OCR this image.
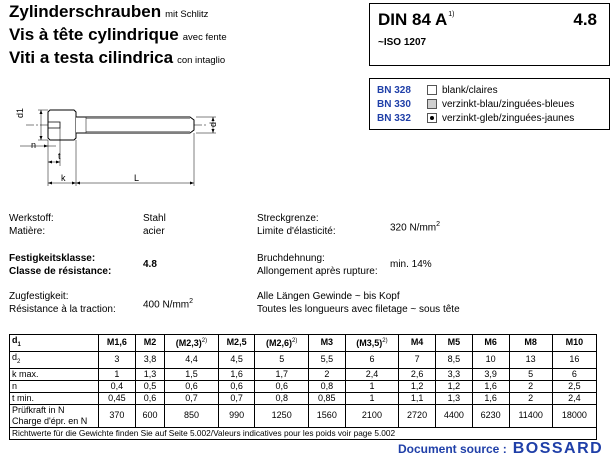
Zylinderschrauben mit Schlitz
Vis à tête cylindrique avec fente
Viti a testa cilindrica con intaglio
DIN 84 $A^{1)}$	4.8
~ISO 1207
BN 328	blank/claires
BN 330	verzinkt-blau/zinguées-bleues
BN 332	verzinkt-gleb/zinguées-jaunes
d1
d
n
t
k	L
Werkstoff:
Matière:
Stahl
acier
Streckgrenze:
Limite d'élasticité:	320 $N/mm^2$
Festigkeitsklasse:
Classe de résistance:
4.8
Bruchdehnung:
Allongement après rupture:
min. 14%
Zugfestigkeit:
Résistance à la traction:	400 $N/mm^2$	Alle Längen Gewinde ~ bis Kopf
Toutes les longueurs avec filetage ~ sous tête
$d_1$	M1,6	M2	$(M2,3)^{2)}$	M2,5	$(M2,6)^{2)}$	M3	$(M3,5)^{2)}$	M4	M5	M6	M8	M10
$d_2$	3	3,8	4,4	4,5	5	5,5	6	7	8,5	10	13	16
k max.	1	1,3	1,5	1,6	1,7	2	2,4	2,6	3,3	3,9	5	6
n	0,4	0,5	0,6	0,6	0,6	0,8	1	1,2	1,2	1,6	2	2,5
t min.	0,45	0,6	0,7	0,7	0,8	0,85	1	1,1	1,3	1,6	2	2,4

Prüfkraft in N
Charge d'épr. en N	370	600	850	990	1250	1560	2100	2720	4400	6230	11400	18000
Richtwerte für die Gewichte finden Sie auf Seite 5.002/Valeurs indicatives pour les poids voir page 5.002												
Document source : BOSSARD
